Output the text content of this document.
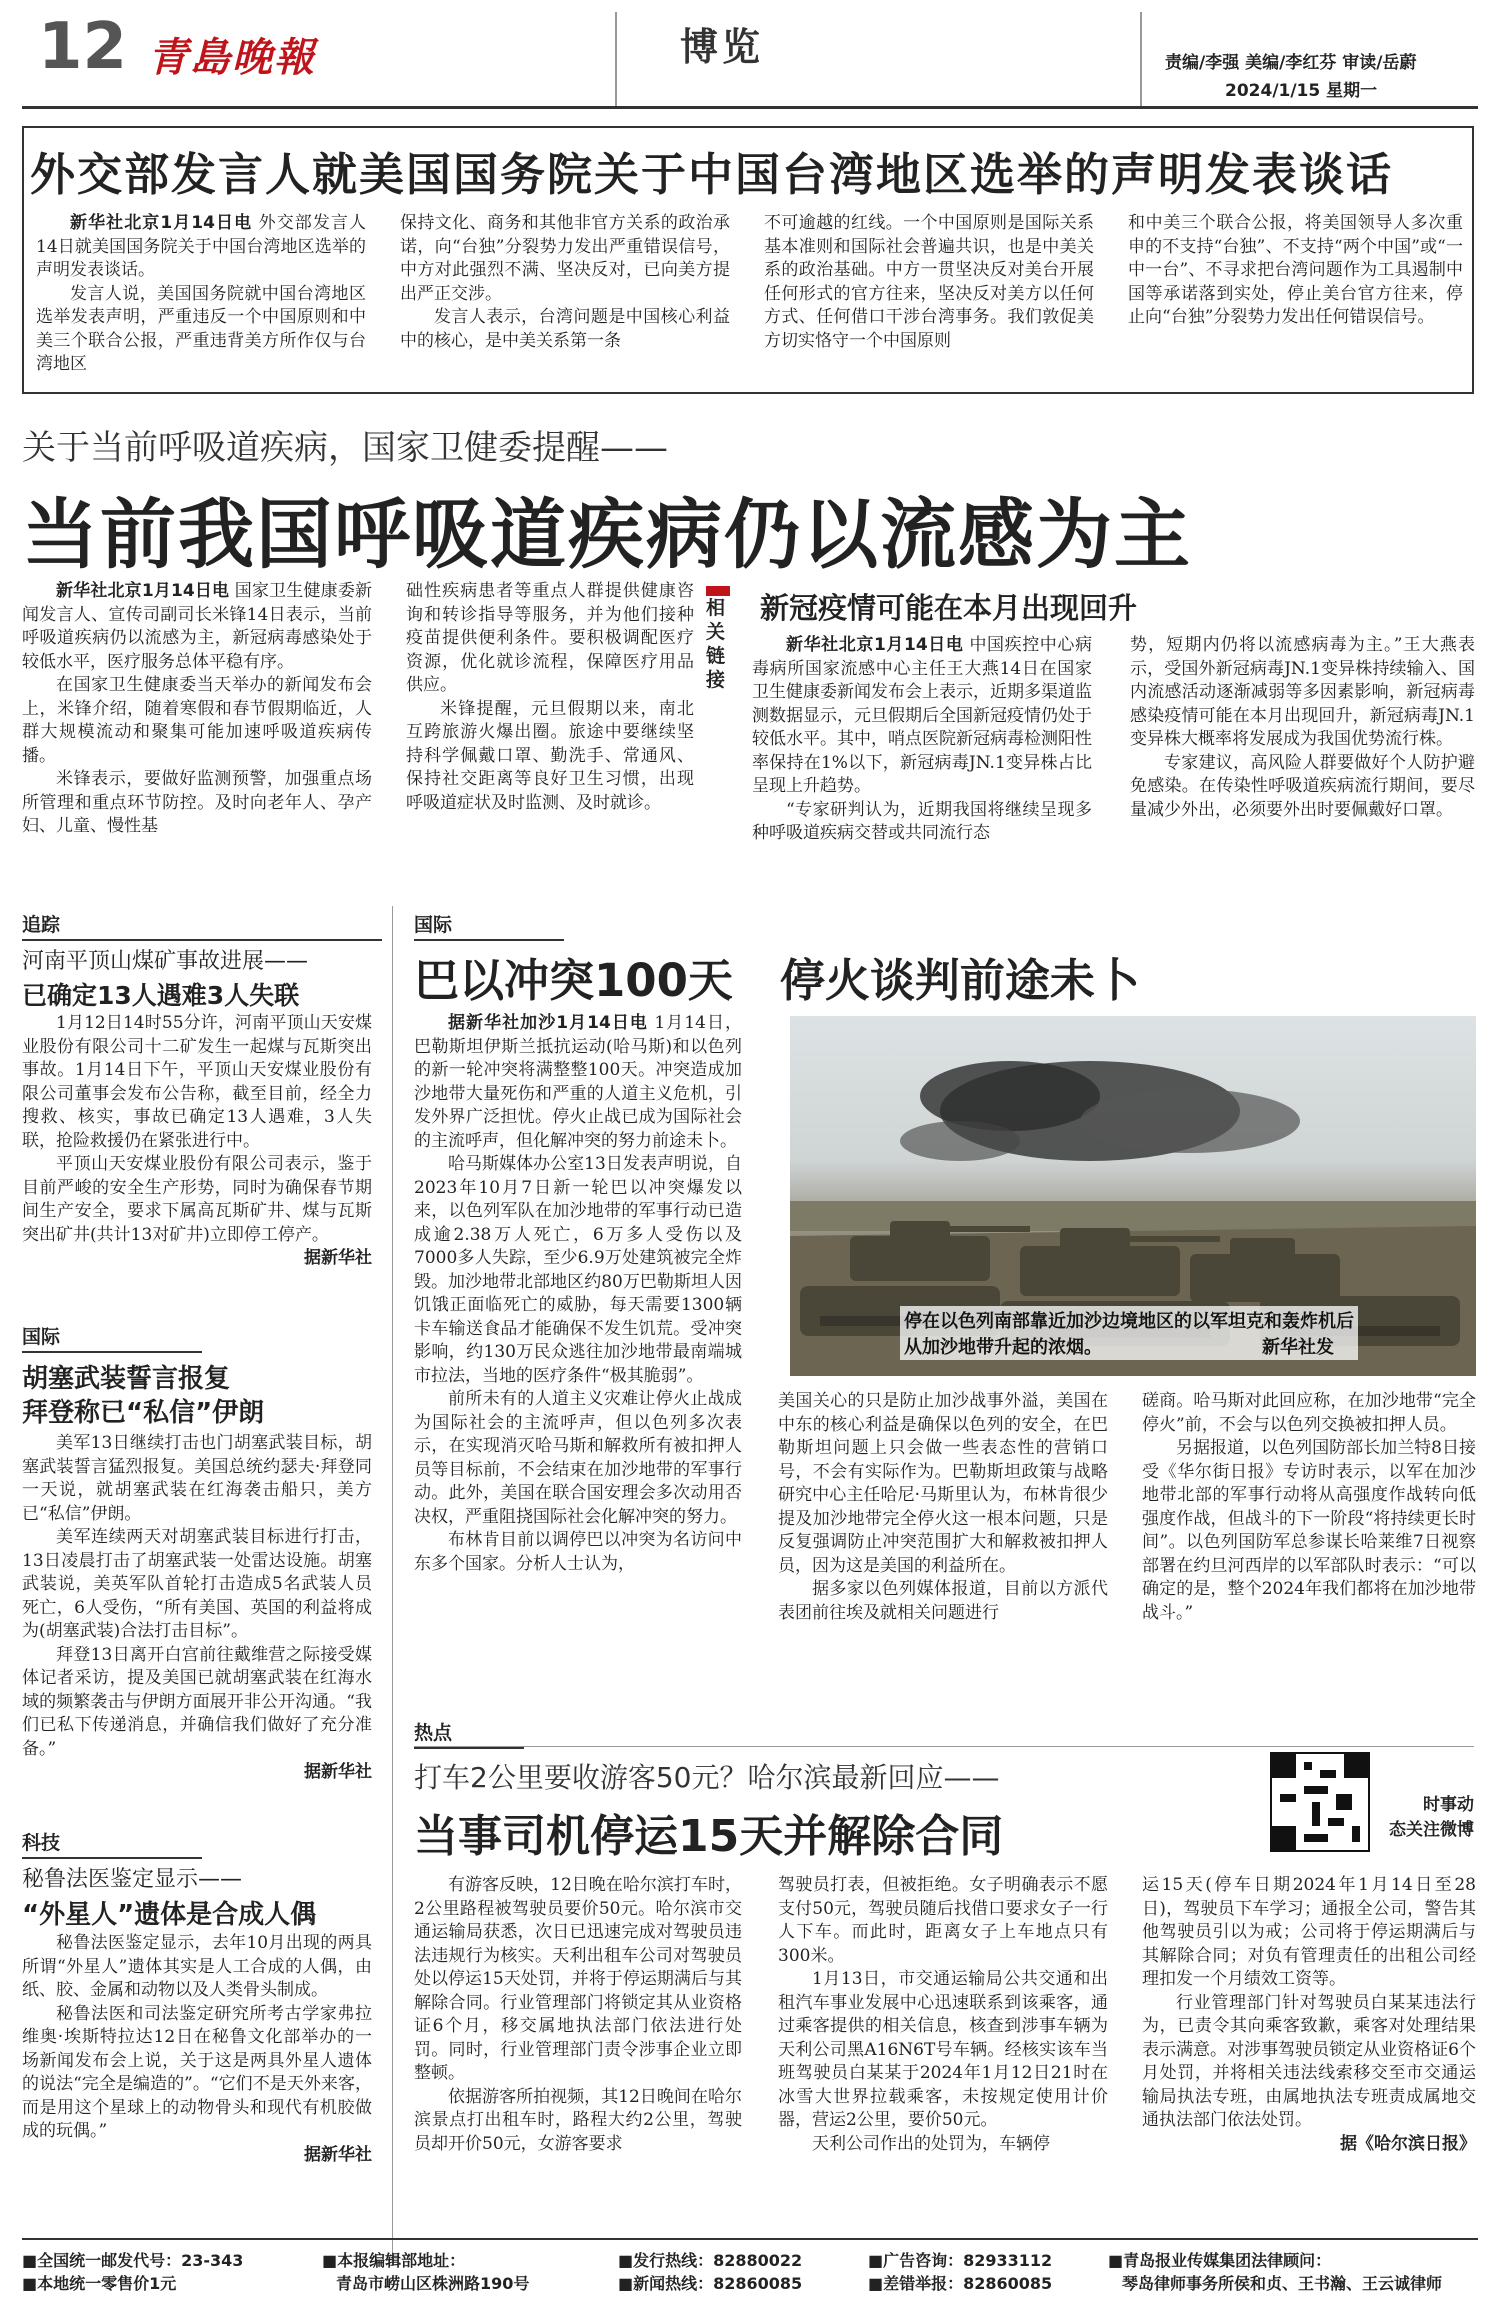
12 青島晚報	博览	责编/李强 美编/李红芬 审读/岳蔚
2024/1/15 星期一
外交部发言人就美国国务院关于中国台湾地区选举的声明发表谈话

新华社北京1月14日电 外交部发言人14日就美国国务院关于中国台湾地区选举的声明发表谈话。

发言人说，美国国务院就中国台湾地区选举发表声明，严重违反一个中国原则和中美三个联合公报，严重违背美方所作仅与台湾地区

保持文化、商务和其他非官方关系的政治承诺，向“台独”分裂势力发出严重错误信号，中方对此强烈不满、坚决反对，已向美方提出严正交涉。

发言人表示，台湾问题是中国核心利益中的核心，是中美关系第一条

不可逾越的红线。一个中国原则是国际关系基本准则和国际社会普遍共识，也是中美关系的政治基础。中方一贯坚决反对美台开展任何形式的官方往来，坚决反对美方以任何方式、任何借口干涉台湾事务。我们敦促美方切实恪守一个中国原则

和中美三个联合公报，将美国领导人多次重申的不支持“台独”、不支持“两个中国”或“一中一台”、不寻求把台湾问题作为工具遏制中国等承诺落到实处，停止美台官方往来，停止向“台独”分裂势力发出任何错误信号。

关于当前呼吸道疾病，国家卫健委提醒——
当前我国呼吸道疾病仍以流感为主

新华社北京1月14日电 国家卫生健康委新闻发言人、宣传司副司长米锋14日表示，当前呼吸道疾病仍以流感为主，新冠病毒感染处于较低水平，医疗服务总体平稳有序。

在国家卫生健康委当天举办的新闻发布会上，米锋介绍，随着寒假和春节假期临近，人群大规模流动和聚集可能加速呼吸道疾病传播。

米锋表示，要做好监测预警，加强重点场所管理和重点环节防控。及时向老年人、孕产妇、儿童、慢性基

础性疾病患者等重点人群提供健康咨询和转诊指导等服务，并为他们接种疫苗提供便利条件。要积极调配医疗资源，优化就诊流程，保障医疗用品供应。

米锋提醒，元旦假期以来，南北互跨旅游火爆出圈。旅途中要继续坚持科学佩戴口罩、勤洗手、常通风、保持社交距离等良好卫生习惯，出现呼吸道症状及时监测、及时就诊。

相关链接
新冠疫情可能在本月出现回升

新华社北京1月14日电 中国疾控中心病毒病所国家流感中心主任王大燕14日在国家卫生健康委新闻发布会上表示，近期多渠道监测数据显示，元旦假期后全国新冠疫情仍处于较低水平。其中，哨点医院新冠病毒检测阳性率保持在1%以下，新冠病毒JN.1变异株占比呈现上升趋势。

“专家研判认为，近期我国将继续呈现多种呼吸道疾病交替或共同流行态

势，短期内仍将以流感病毒为主。”王大燕表示，受国外新冠病毒JN.1变异株持续输入、国内流感活动逐渐减弱等多因素影响，新冠病毒感染疫情可能在本月出现回升，新冠病毒JN.1变异株大概率将发展成为我国优势流行株。

专家建议，高风险人群要做好个人防护避免感染。在传染性呼吸道疾病流行期间，要尽量减少外出，必须要外出时要佩戴好口罩。

追踪
河南平顶山煤矿事故进展——
已确定13人遇难3人失联

1月12日14时55分许，河南平顶山天安煤业股份有限公司十二矿发生一起煤与瓦斯突出事故。1月14日下午，平顶山天安煤业股份有限公司董事会发布公告称，截至目前，经全力搜救、核实，事故已确定13人遇难，3人失联，抢险救援仍在紧张进行中。

平顶山天安煤业股份有限公司表示，鉴于目前严峻的安全生产形势，同时为确保春节期间生产安全，要求下属高瓦斯矿井、煤与瓦斯突出矿井(共计13对矿井)立即停工停产。

据新华社

国际
胡塞武装誓言报复
拜登称已“私信”伊朗

美军13日继续打击也门胡塞武装目标，胡塞武装誓言猛烈报复。美国总统约瑟夫·拜登同一天说，就胡塞武装在红海袭击船只，美方已“私信”伊朗。

美军连续两天对胡塞武装目标进行打击，13日凌晨打击了胡塞武装一处雷达设施。胡塞武装说，美英军队首轮打击造成5名武装人员死亡，6人受伤，“所有美国、英国的利益将成为(胡塞武装)合法打击目标”。

拜登13日离开白宫前往戴维营之际接受媒体记者采访，提及美国已就胡塞武装在红海水域的频繁袭击与伊朗方面展开非公开沟通。“我们已私下传递消息，并确信我们做好了充分准备。”

据新华社

科技
秘鲁法医鉴定显示——
“外星人”遗体是合成人偶

秘鲁法医鉴定显示，去年10月出现的两具所谓“外星人”遗体其实是人工合成的人偶，由纸、胶、金属和动物以及人类骨头制成。

秘鲁法医和司法鉴定研究所考古学家弗拉维奥·埃斯特拉达12日在秘鲁文化部举办的一场新闻发布会上说，关于这是两具外星人遗体的说法“完全是编造的”。“它们不是天外来客，而是用这个星球上的动物骨头和现代有机胶做成的玩偶。”

据新华社

国际
巴以冲突100天   停火谈判前途未卜

据新华社加沙1月14日电 1月14日，巴勒斯坦伊斯兰抵抗运动(哈马斯)和以色列的新一轮冲突将满整整100天。冲突造成加沙地带大量死伤和严重的人道主义危机，引发外界广泛担忧。停火止战已成为国际社会的主流呼声，但化解冲突的努力前途未卜。

哈马斯媒体办公室13日发表声明说，自2023年10月7日新一轮巴以冲突爆发以来，以色列军队在加沙地带的军事行动已造成逾2.38万人死亡，6万多人受伤以及7000多人失踪，至少6.9万处建筑被完全炸毁。加沙地带北部地区约80万巴勒斯坦人因饥饿正面临死亡的威胁，每天需要1300辆卡车输送食品才能确保不发生饥荒。受冲突影响，约130万民众逃往加沙地带最南端城市拉法，当地的医疗条件“极其脆弱”。

前所未有的人道主义灾难让停火止战成为国际社会的主流呼声，但以色列多次表示，在实现消灭哈马斯和解救所有被扣押人员等目标前，不会结束在加沙地带的军事行动。此外，美国在联合国安理会多次动用否决权，严重阻挠国际社会化解冲突的努力。

布林肯目前以调停巴以冲突为名访问中东多个国家。分析人士认为，

停在以色列南部靠近加沙边境地区的以军坦克和轰炸机后
从加沙地带升起的浓烟。	新华社发

美国关心的只是防止加沙战事外溢，美国在中东的核心利益是确保以色列的安全，在巴勒斯坦问题上只会做一些表态性的营销口号，不会有实际作为。巴勒斯坦政策与战略研究中心主任哈尼·马斯里认为，布林肯很少提及加沙地带完全停火这一根本问题，只是反复强调防止冲突范围扩大和解救被扣押人员，因为这是美国的利益所在。

据多家以色列媒体报道，目前以方派代表团前往埃及就相关问题进行

磋商。哈马斯对此回应称，在加沙地带“完全停火”前，不会与以色列交换被扣押人员。

另据报道，以色列国防部长加兰特8日接受《华尔街日报》专访时表示，以军在加沙地带北部的军事行动将从高强度作战转向低强度作战，但战斗的下一阶段“将持续更长时间”。以色列国防军总参谋长哈莱维7日视察部署在约旦河西岸的以军部队时表示：“可以确定的是，整个2024年我们都将在加沙地带战斗。”

热点
打车2公里要收游客50元？哈尔滨最新回应——
当事司机停运15天并解除合同
时事动
态关注微博

有游客反映，12日晚在哈尔滨打车时，2公里路程被驾驶员要价50元。哈尔滨市交通运输局获悉，次日已迅速完成对驾驶员违法违规行为核实。天利出租车公司对驾驶员处以停运15天处罚，并将于停运期满后与其解除合同。行业管理部门将锁定其从业资格证6个月，移交属地执法部门依法进行处罚。同时，行业管理部门责令涉事企业立即整顿。

依据游客所拍视频，其12日晚间在哈尔滨景点打出租车时，路程大约2公里，驾驶员却开价50元，女游客要求

驾驶员打表，但被拒绝。女子明确表示不愿支付50元，驾驶员随后找借口要求女子一行人下车。而此时，距离女子上车地点只有300米。

1月13日，市交通运输局公共交通和出租汽车事业发展中心迅速联系到该乘客，通过乘客提供的相关信息，核查到涉事车辆为天利公司黑A16N6T号车辆。经核实该车当班驾驶员白某某于2024年1月12日21时在冰雪大世界拉载乘客，未按规定使用计价器，营运2公里，要价50元。

天利公司作出的处罚为，车辆停

运15天(停车日期2024年1月14日至28日)，驾驶员下车学习；通报全公司，警告其他驾驶员引以为戒；公司将于停运期满后与其解除合同；对负有管理责任的出租公司经理扣发一个月绩效工资等。

行业管理部门针对驾驶员白某某违法行为，已责令其向乘客致歉，乘客对处理结果表示满意。对涉事驾驶员锁定从业资格证6个月处罚，并将相关违法线索移交至市交通运输局执法专班，由属地执法专班责成属地交通执法部门依法处罚。

据《哈尔滨日报》

■全国统一邮发代号：23-343
■本地统一零售价1元
■本报编辑部地址：
青岛市崂山区株洲路190号
■发行热线：82880022
■新闻热线：82860085
■广告咨询：82933112
■差错举报：82860085
■青岛报业传媒集团法律顾问：
琴岛律师事务所侯和贞、王书瀚、王云诚律师
